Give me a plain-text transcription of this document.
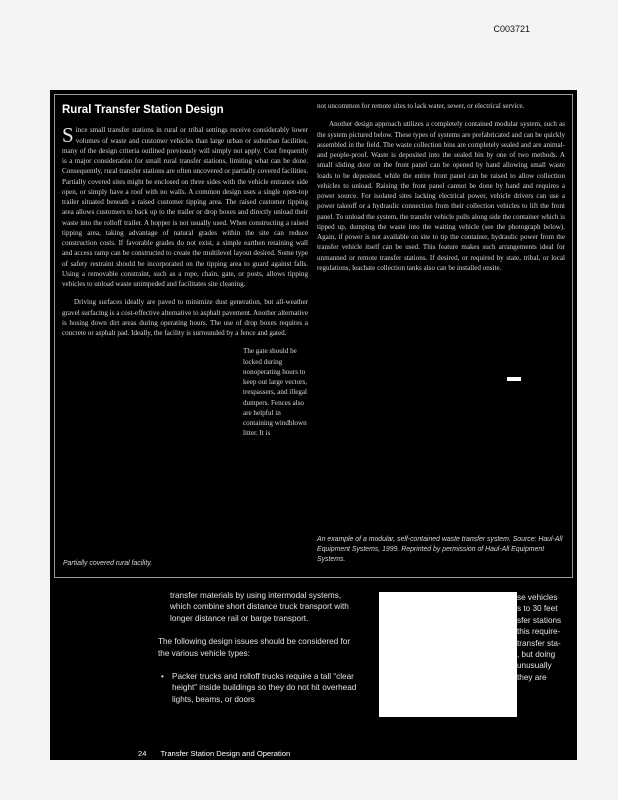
C003721
Rural Transfer Station Design

S ince small transfer stations in rural or tribal settings receive considerably lower volumes of waste and customer vehicles than large urban or suburban facilities, many of the design criteria outlined previously will simply not apply. Cost frequently is a major consideration for small rural transfer stations, limiting what can be done. Consequently, rural transfer stations are often uncovered or partially covered facilities. Partially covered sites might be enclosed on three sides with the vehicle entrance side open, or simply have a roof with no walls. A common design uses a single open-top trailer situated beneath a raised customer tipping area. The raised customer tipping area allows customers to back up to the trailer or drop boxes and directly unload their waste into the rolloff trailer. A hopper is not usually used. When constructing a raised tipping area, taking advantage of natural grades within the site can reduce construction costs. If favorable grades do not exist, a simple earthen retaining wall and access ramp can be constructed to create the multilevel layout desired. Some type of safety restraint should be incorporated on the tipping area to guard against falls. Using a removable constraint, such as a rope, chain, gate, or posts, allows tipping vehicles to unload waste unimpeded and facilitates site cleaning.

Driving surfaces ideally are paved to minimize dust generation, but all-weather gravel surfacing is a cost-effective alternative to asphalt pavement. Another alternative is hosing down dirt areas during operating hours. The use of drop boxes requires a concrete or asphalt pad. Ideally, the facility is surrounded by a fence and gated.

The gate should be locked during nonoperating hours to keep out large vectors, trespassers, and illegal dumpers. Fences also are helpful in containing windblown litter. It is

not uncommon for remote sites to lack water, sewer, or electrical service.

Another design approach utilizes a completely contained modular system, such as the system pictured below. These types of systems are prefabricated and can be quickly assembled in the field. The waste collection bins are completely sealed and are animal- and people-proof. Waste is deposited into the sealed bin by one of two methods. A small sliding door on the front panel can be opened by hand allowing small waste loads to be deposited, while the entire front panel can be raised to allow collection vehicles to unload. Raising the front panel cannot be done by hand and requires a power source. For isolated sites lacking electrical power, vehicle drivers can use a power takeoff or a hydraulic connection from their collection vehicles to lift the front panel. To unload the system, the transfer vehicle pulls along side the container which is tipped up, dumping the waste into the waiting vehicle (see the photograph below). Again, if power is not available on site to tip the container, hydraulic power from the transfer vehicle itself can be used. This feature makes such arrangements ideal for unmanned or remote transfer stations. If desired, or required by state, tribal, or local regulations, leachate collection tanks also can be installed onsite.

Partially covered rural facility.
An example of a modular, self-contained waste transfer system. Source: Haul-All Equipment Systems, 1999. Reprinted by permission of Haul-All Equipment Systems.

transfer materials by using intermodal systems, which combine short distance truck transport with longer distance rail or barge transport.

The following design issues should be considered for the various vehicle types:

• Packer trucks and rolloff trucks require a tall “clear height” inside buildings so they do not hit overhead lights, beams, or doors
se vehicles
s to 30 feet
sfer stations
this require-
transfer sta-
, but doing
unusually
they are
24 Transfer Station Design and Operation
